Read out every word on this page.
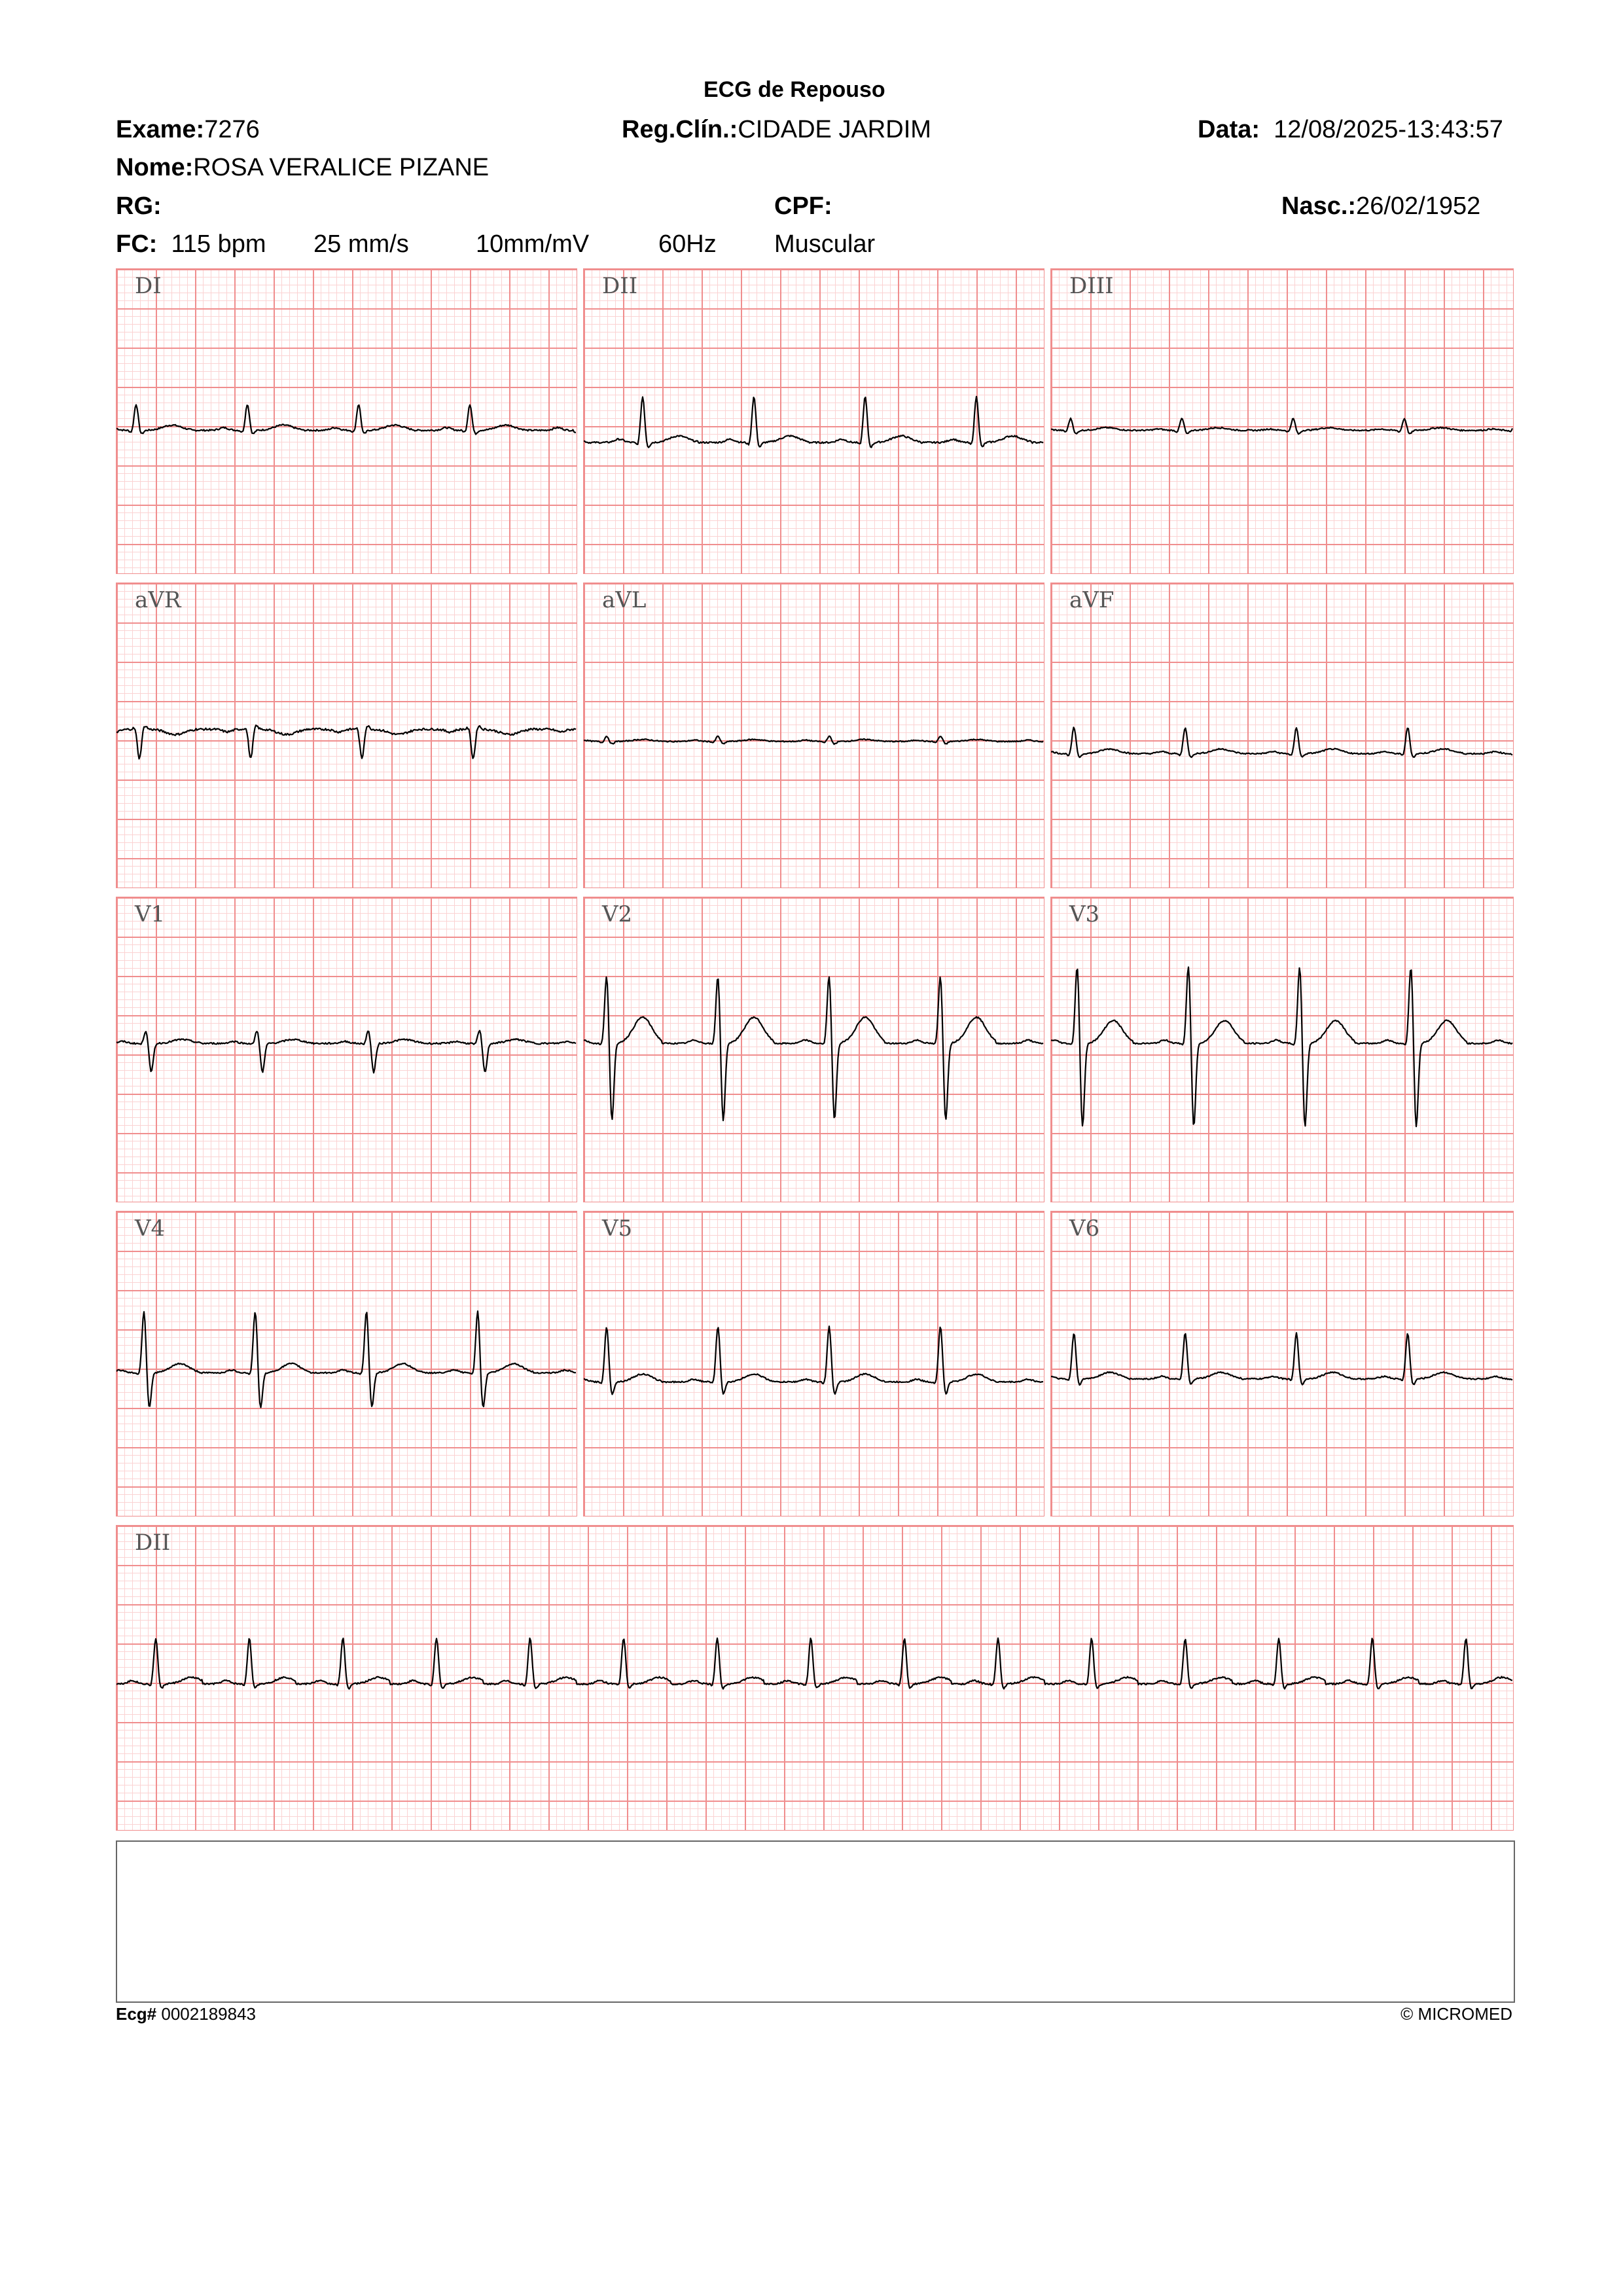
ECG de Repouso
Exame:7276	Reg.Clín.:CIDADE JARDIM	Data: 12/08/2025-13:43:57
Nome:ROSA VERALICE PIZANE
RG:	CPF:	Nasc.:26/02/1952
FC: 115 bpm 25 mm/s	10mm/mV	60Hz Muscular
DI	DII	DIII
aVR	aVL	aVF
V1	V2	V3
V4	V5	V6
DII
Ecg# 0002189843	© MICROMED
